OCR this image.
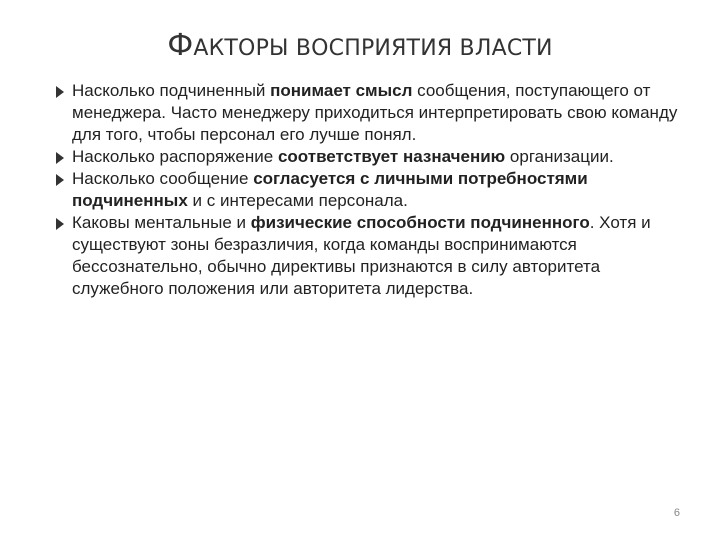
ФАКТОРЫ ВОСПРИЯТИЯ ВЛАСТИ
Насколько подчиненный понимает смысл сообщения, поступающего от менеджера. Часто менеджеру приходиться интерпретировать свою команду для того, чтобы персонал его лучше понял.
Насколько распоряжение соответствует назначению организации.
Насколько сообщение согласуется с личными потребностями подчиненных и с интересами персонала.
Каковы ментальные и физические способности подчиненного. Хотя и существуют зоны безразличия, когда команды воспринимаются бессознательно, обычно директивы признаются в силу авторитета служебного положения или авторитета лидерства.
6
